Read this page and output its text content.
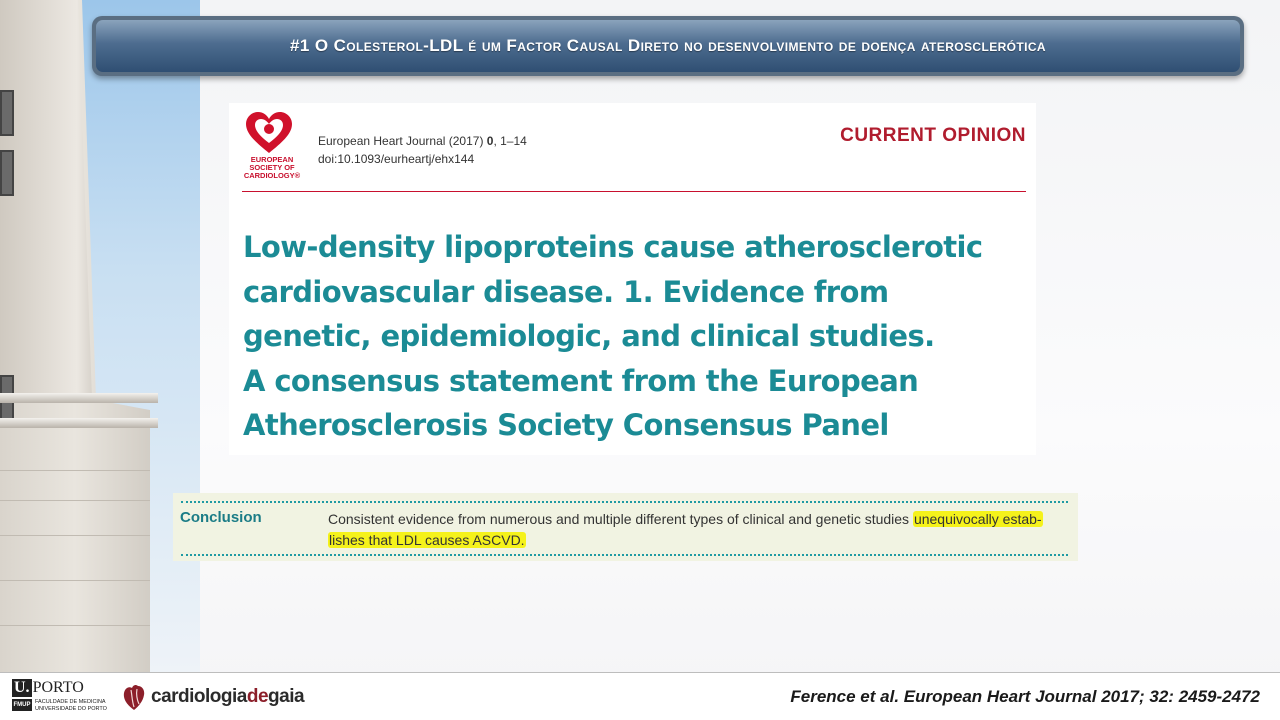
#1 O Colesterol-LDL é um Factor Causal Direto no desenvolvimento de doença aterosclerótica
EUROPEAN SOCIETY OF CARDIOLOGY®
European Heart Journal (2017) 0, 1–14
doi:10.1093/eurheartj/ehx144
CURRENT OPINION
Low-density lipoproteins cause atherosclerotic
cardiovascular disease. 1. Evidence from
genetic, epidemiologic, and clinical studies.
A consensus statement from the European
Atherosclerosis Society Consensus Panel
Conclusion	Consistent evidence from numerous and multiple different types of clinical and genetic studies unequivocally estab-
lishes that LDL causes ASCVD.
U. PORTO
FMUP FACULDADE DE MEDICINA
UNIVERSIDADE DO PORTO
cardiologiadegaia	Ference et al. European Heart Journal 2017; 32: 2459-2472
